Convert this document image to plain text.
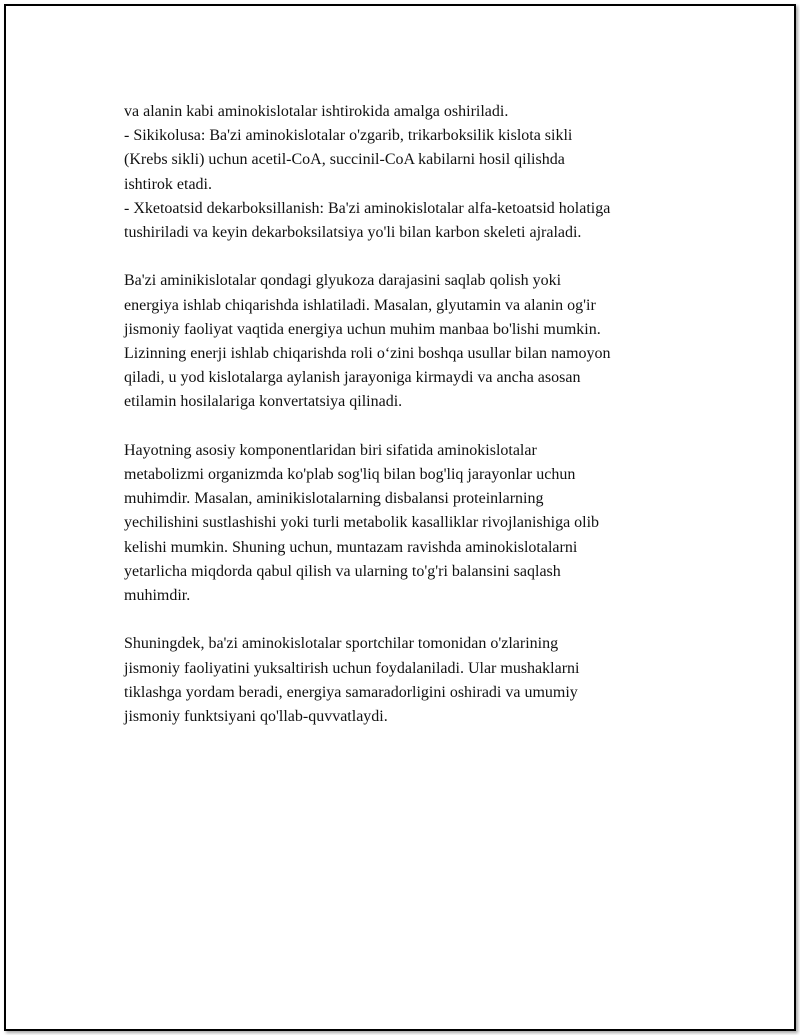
va alanin kabi aminokislotalar ishtirokida amalga oshiriladi.
- Sikikolusa: Ba'zi aminokislotalar o'zgarib, trikarboksilik kislota sikli
(Krebs sikli) uchun acetil-CoA, succinil-CoA kabilarni hosil qilishda
ishtirok etadi.
- Xketoatsid dekarboksillanish: Ba'zi aminokislotalar alfa-ketoatsid holatiga
tushiriladi va keyin dekarboksilatsiya yo'li bilan karbon skeleti ajraladi.
Ba'zi aminikislotalar qondagi glyukoza darajasini saqlab qolish yoki
energiya ishlab chiqarishda ishlatiladi. Masalan, glyutamin va alanin og'ir
jismoniy faoliyat vaqtida energiya uchun muhim manbaa bo'lishi mumkin.
Lizinning enerji ishlab chiqarishda roli o‘zini boshqa usullar bilan namoyon
qiladi, u yod kislotalarga aylanish jarayoniga kirmaydi va ancha asosan
etilamin hosilalariga konvertatsiya qilinadi.
Hayotning asosiy komponentlaridan biri sifatida aminokislotalar
metabolizmi organizmda ko'plab sog'liq bilan bog'liq jarayonlar uchun
muhimdir. Masalan, aminikislotalarning disbalansi proteinlarning
yechilishini sustlashishi yoki turli metabolik kasalliklar rivojlanishiga olib
kelishi mumkin. Shuning uchun, muntazam ravishda aminokislotalarni
yetarlicha miqdorda qabul qilish va ularning to'g'ri balansini saqlash
muhimdir.
Shuningdek, ba'zi aminokislotalar sportchilar tomonidan o'zlarining
jismoniy faoliyatini yuksaltirish uchun foydalaniladi. Ular mushaklarni
tiklashga yordam beradi, energiya samaradorligini oshiradi va umumiy
jismoniy funktsiyani qo'llab-quvvatlaydi.
